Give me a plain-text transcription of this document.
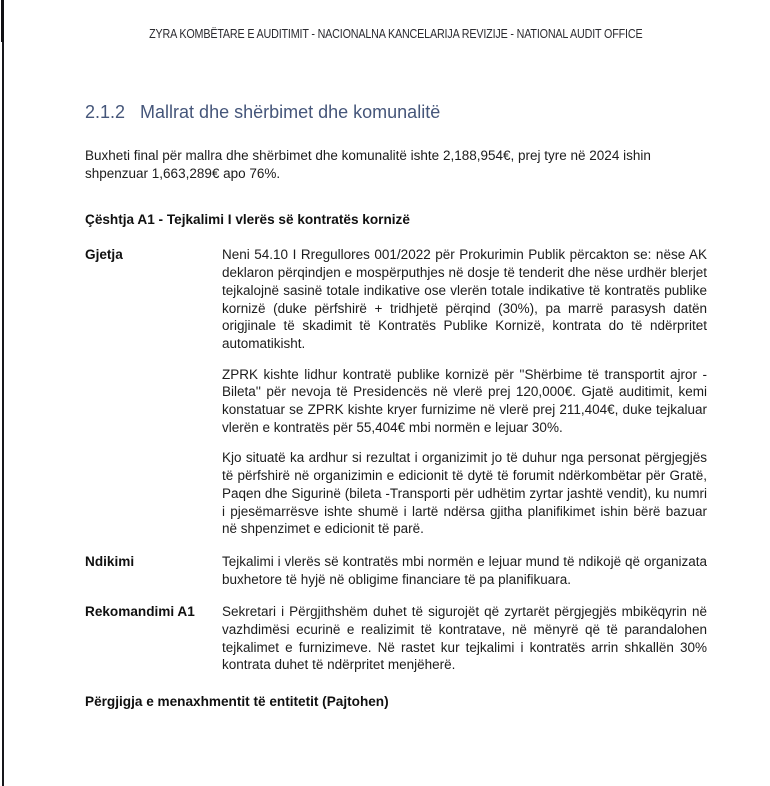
ZYRA KOMBËTARE E AUDITIMIT - NACIONALNA KANCELARIJA REVIZIJE - NATIONAL AUDIT OFFICE
2.1.2 Mallrat dhe shërbimet dhe komunalitë
Buxheti final për mallra dhe shërbimet dhe komunalitë ishte 2,188,954€, prej tyre në 2024 ishin shpenzuar 1,663,289€ apo 76%.
Çështja A1 - Tejkalimi I vlerës së kontratës kornizë
Gjetja	Neni 54.10 I Rregullores 001/2022 për Prokurimin Publik përcakton se: nëse AK deklaron përqindjen e mospërputhjes në dosje të tenderit dhe nëse urdhër blerjet tejkalojnë sasinë totale indikative ose vlerën totale indikative të kontratës publike kornizë (duke përfshirë + tridhjetë përqind (30%), pa marrë parasysh datën origjinale të skadimit të Kontratës Publike Kornizë, kontrata do të ndërpritet automatikisht.

ZPRK kishte lidhur kontratë publike kornizë për ''Shërbime të transportit ajror -Bileta'' për nevoja të Presidencës në vlerë prej 120,000€. Gjatë auditimit, kemi konstatuar se ZPRK kishte kryer furnizime në vlerë prej 211,404€, duke tejkaluar vlerën e kontratës për 55,404€ mbi normën e lejuar 30%.

Kjo situatë ka ardhur si rezultat i organizimit jo të duhur nga personat përgjegjës të përfshirë në organizimin e edicionit të dytë të forumit ndërkombëtar për Gratë, Paqen dhe Sigurinë (bileta -Transporti për udhëtim zyrtar jashtë vendit), ku numri i pjesëmarrësve ishte shumë i lartë ndërsa gjitha planifikimet ishin bërë bazuar në shpenzimet e edicionit të parë.

Ndikimi	Tejkalimi i vlerës së kontratës mbi normën e lejuar mund të ndikojë që organizata buxhetore të hyjë në obligime financiare të pa planifikuara.

Rekomandimi A1	Sekretari i Përgjithshëm duhet të sigurojët që zyrtarët përgjegjës mbikëqyrin në vazhdimësi ecurinë e realizimit të kontratave, në mënyrë që të parandalohen tejkalimet e furnizimeve. Në rastet kur tejkalimi i kontratës arrin shkallën 30% kontrata duhet të ndërpritet menjëherë.

Përgjigja e menaxhmentit të entitetit (Pajtohen)
